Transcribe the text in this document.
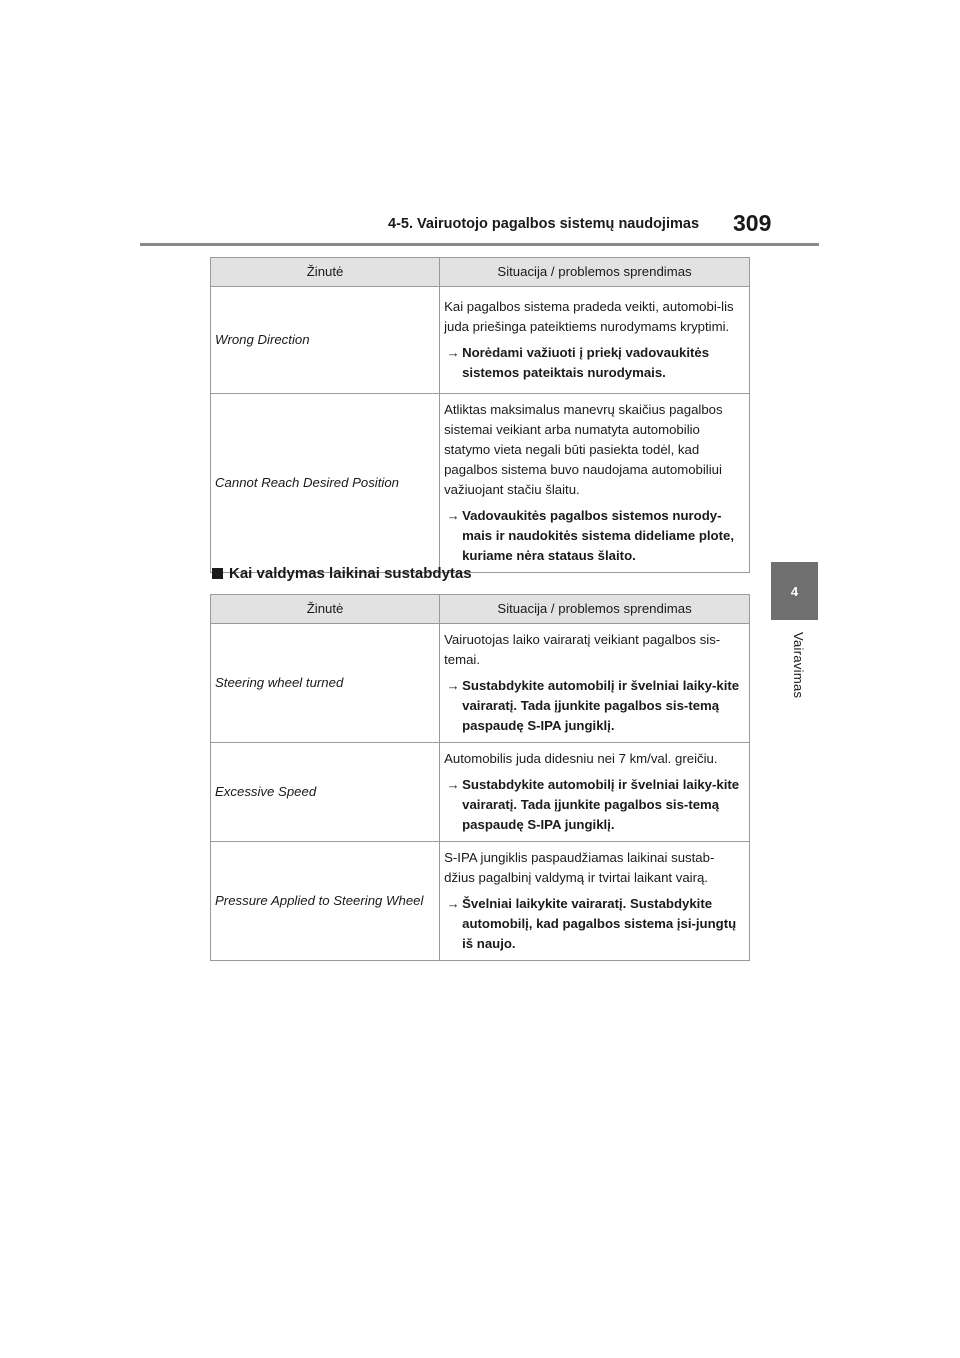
4-5. Vairuotojo pagalbos sistemų naudojimas 309
4
Vairavimas
Žinutė	Situacija / problemos sprendimas
Wrong Direction	Kai pagalbos sistema pradeda veikti, automobi-lis juda priešinga pateiktiems nurodymams kryptimi.

→ Norėdami važiuoti į priekį vadovaukitės sistemos pateiktais nurodymais.

Cannot Reach Desired Position	Atliktas maksimalus manevrų skaičius pagalbos sistemai veikiant arba numatyta automobilio statymo vieta negali būti pasiekta todėl, kad pagalbos sistema buvo naudojama automobiliui važiuojant stačiu šlaitu.

→ Vadovaukitės pagalbos sistemos nurody-mais ir naudokitės sistema dideliame plote, kuriame nėra stataus šlaito.
Kai valdymas laikinai sustabdytas
Žinutė	Situacija / problemos sprendimas
Steering wheel turned	Vairuotojas laiko vairaratį veikiant pagalbos sis-temai.

→ Sustabdykite automobilį ir švelniai laiky-kite vairaratį. Tada įjunkite pagalbos sis-temą paspaudę S-IPA jungiklį.

Excessive Speed	Automobilis juda didesniu nei 7 km/val. greičiu.

→ Sustabdykite automobilį ir švelniai laiky-kite vairaratį. Tada įjunkite pagalbos sis-temą paspaudę S-IPA jungiklį.

Pressure Applied to Steering Wheel	S-IPA jungiklis paspaudžiamas laikinai sustab-džius pagalbinį valdymą ir tvirtai laikant vairą.

→ Švelniai laikykite vairaratį. Sustabdykite automobilį, kad pagalbos sistema įsi-jungtų iš naujo.
